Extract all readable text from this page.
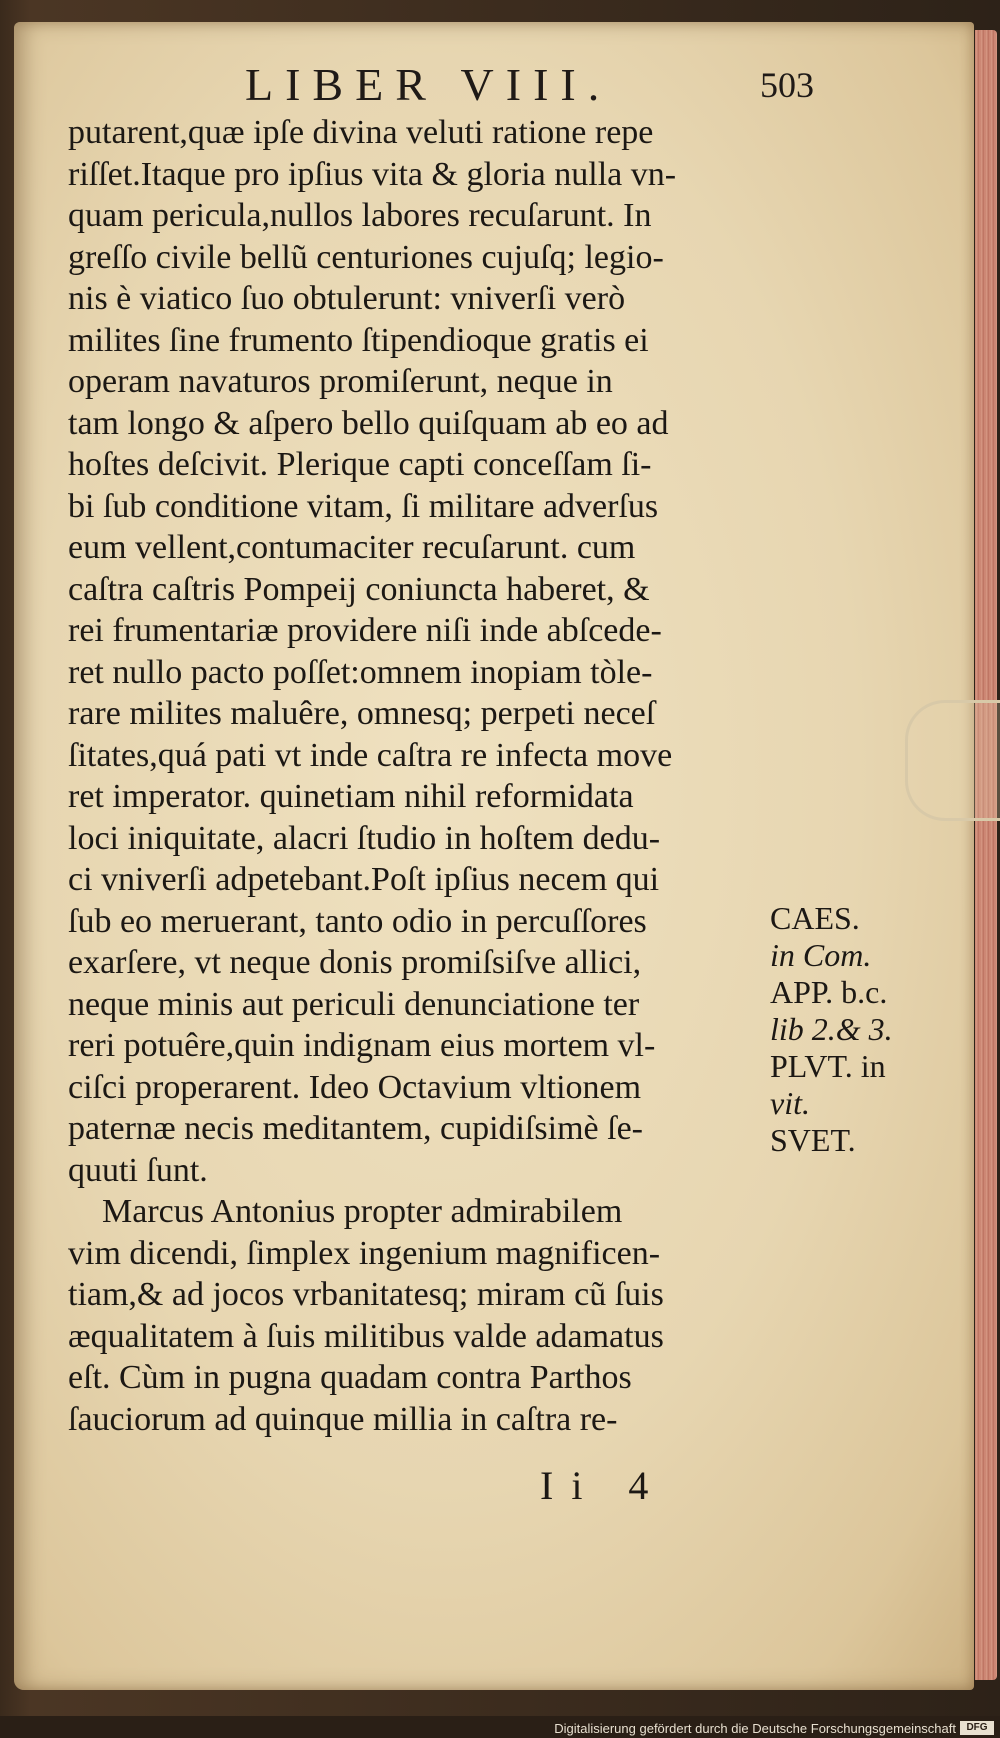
LIBER VIII.	503
putarent,quæ ipſe divina veluti ratione repe
riſſet.Itaque pro ipſius vita & gloria nulla vn-
quam pericula,nullos labores recuſarunt. In
greſſo civile bellũ centuriones cujuſq; legio-
nis è viatico ſuo obtulerunt: vniverſi verò
milites ſine frumento ſtipendioque gratis ei
operam navaturos promiſerunt, neque in
tam longo & aſpero bello quiſquam ab eo ad
hoſtes deſcivit. Plerique capti conceſſam ſi-
bi ſub conditione vitam, ſi militare adverſus
eum vellent,contumaciter recuſarunt. cum
caſtra caſtris Pompeij coniuncta haberet, &
rei frumentariæ providere niſi inde abſcede-
ret nullo pacto poſſet:omnem inopiam tòle-
rare milites maluêre, omnesq; perpeti neceſ
ſitates,quá pati vt inde caſtra re infecta move
ret imperator. quinetiam nihil reformidata
loci iniquitate, alacri ſtudio in hoſtem dedu-
ci vniverſi adpetebant.Poſt ipſius necem qui
ſub eo meruerant, tanto odio in percuſſores
exarſere, vt neque donis promiſsiſve allici,
neque minis aut periculi denunciatione ter
reri potuêre,quin indignam eius mortem vl-
ciſci properarent. Ideo Octavium vltionem
paternæ necis meditantem, cupidiſsimè ſe-
quuti ſunt.
Marcus Antonius propter admirabilem
vim dicendi, ſimplex ingenium magnificen-
tiam,& ad jocos vrbanitatesq; miram cũ ſuis
æqualitatem à ſuis militibus valde adamatus
eſt. Cùm in pugna quadam contra Parthos
ſauciorum ad quinque millia in caſtra re-
CAES.
in Com.
APP. b.c.
lib 2.& 3.
PLVT. in
vit.
SVET.
Ii 4
Digitalisierung gefördert durch die Deutsche Forschungsgemeinschaft	DFG
